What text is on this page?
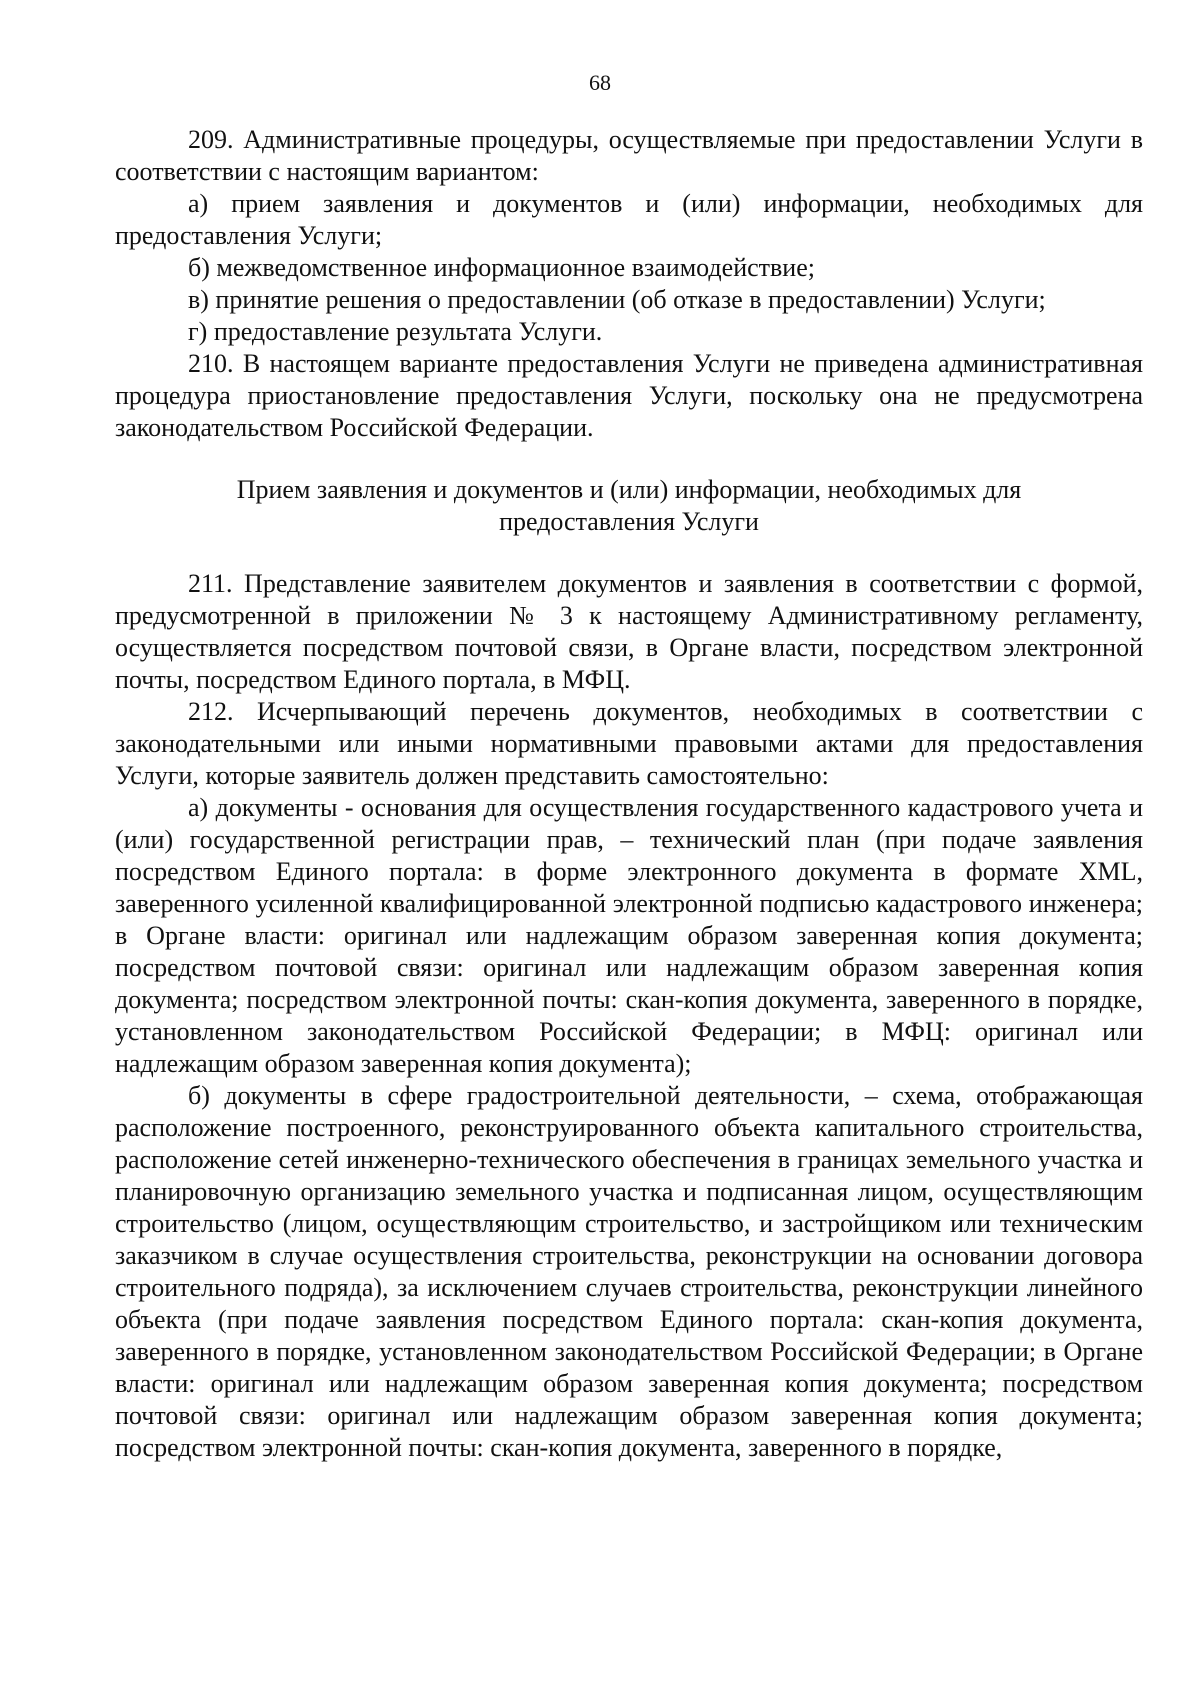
68

209. Административные процедуры, осуществляемые при предоставлении Услуги в соответствии с настоящим вариантом:

а) прием заявления и документов и (или) информации, необходимых для предоставления Услуги;

б) межведомственное информационное взаимодействие;

в) принятие решения о предоставлении (об отказе в предоставлении) Услуги;

г) предоставление результата Услуги.

210. В настоящем варианте предоставления Услуги не приведена административная процедура приостановление предоставления Услуги, поскольку она не предусмотрена законодательством Российской Федерации.

Прием заявления и документов и (или) информации, необходимых для предоставления Услуги

211. Представление заявителем документов и заявления в соответствии с формой, предусмотренной в приложении № 3 к настоящему Административному регламенту, осуществляется посредством почтовой связи, в Органе власти, посредством электронной почты, посредством Единого портала, в МФЦ.

212. Исчерпывающий перечень документов, необходимых в соответствии с законодательными или иными нормативными правовыми актами для предоставления Услуги, которые заявитель должен представить самостоятельно:

а) документы - основания для осуществления государственного кадастрового учета и (или) государственной регистрации прав, – технический план (при подаче заявления посредством Единого портала: в форме электронного документа в формате XML, заверенного усиленной квалифицированной электронной подписью кадастрового инженера; в Органе власти: оригинал или надлежащим образом заверенная копия документа; посредством почтовой связи: оригинал или надлежащим образом заверенная копия документа; посредством электронной почты: скан-копия документа, заверенного в порядке, установленном законодательством Российской Федерации; в МФЦ: оригинал или надлежащим образом заверенная копия документа);

б) документы в сфере градостроительной деятельности, – схема, отображающая расположение построенного, реконструированного объекта капитального строительства, расположение сетей инженерно-технического обеспечения в границах земельного участка и планировочную организацию земельного участка и подписанная лицом, осуществляющим строительство (лицом, осуществляющим строительство, и застройщиком или техническим заказчиком в случае осуществления строительства, реконструкции на основании договора строительного подряда), за исключением случаев строительства, реконструкции линейного объекта (при подаче заявления посредством Единого портала: скан-копия документа, заверенного в порядке, установленном законодательством Российской Федерации; в Органе власти: оригинал или надлежащим образом заверенная копия документа; посредством почтовой связи: оригинал или надлежащим образом заверенная копия документа; посредством электронной почты: скан-копия документа, заверенного в порядке,
